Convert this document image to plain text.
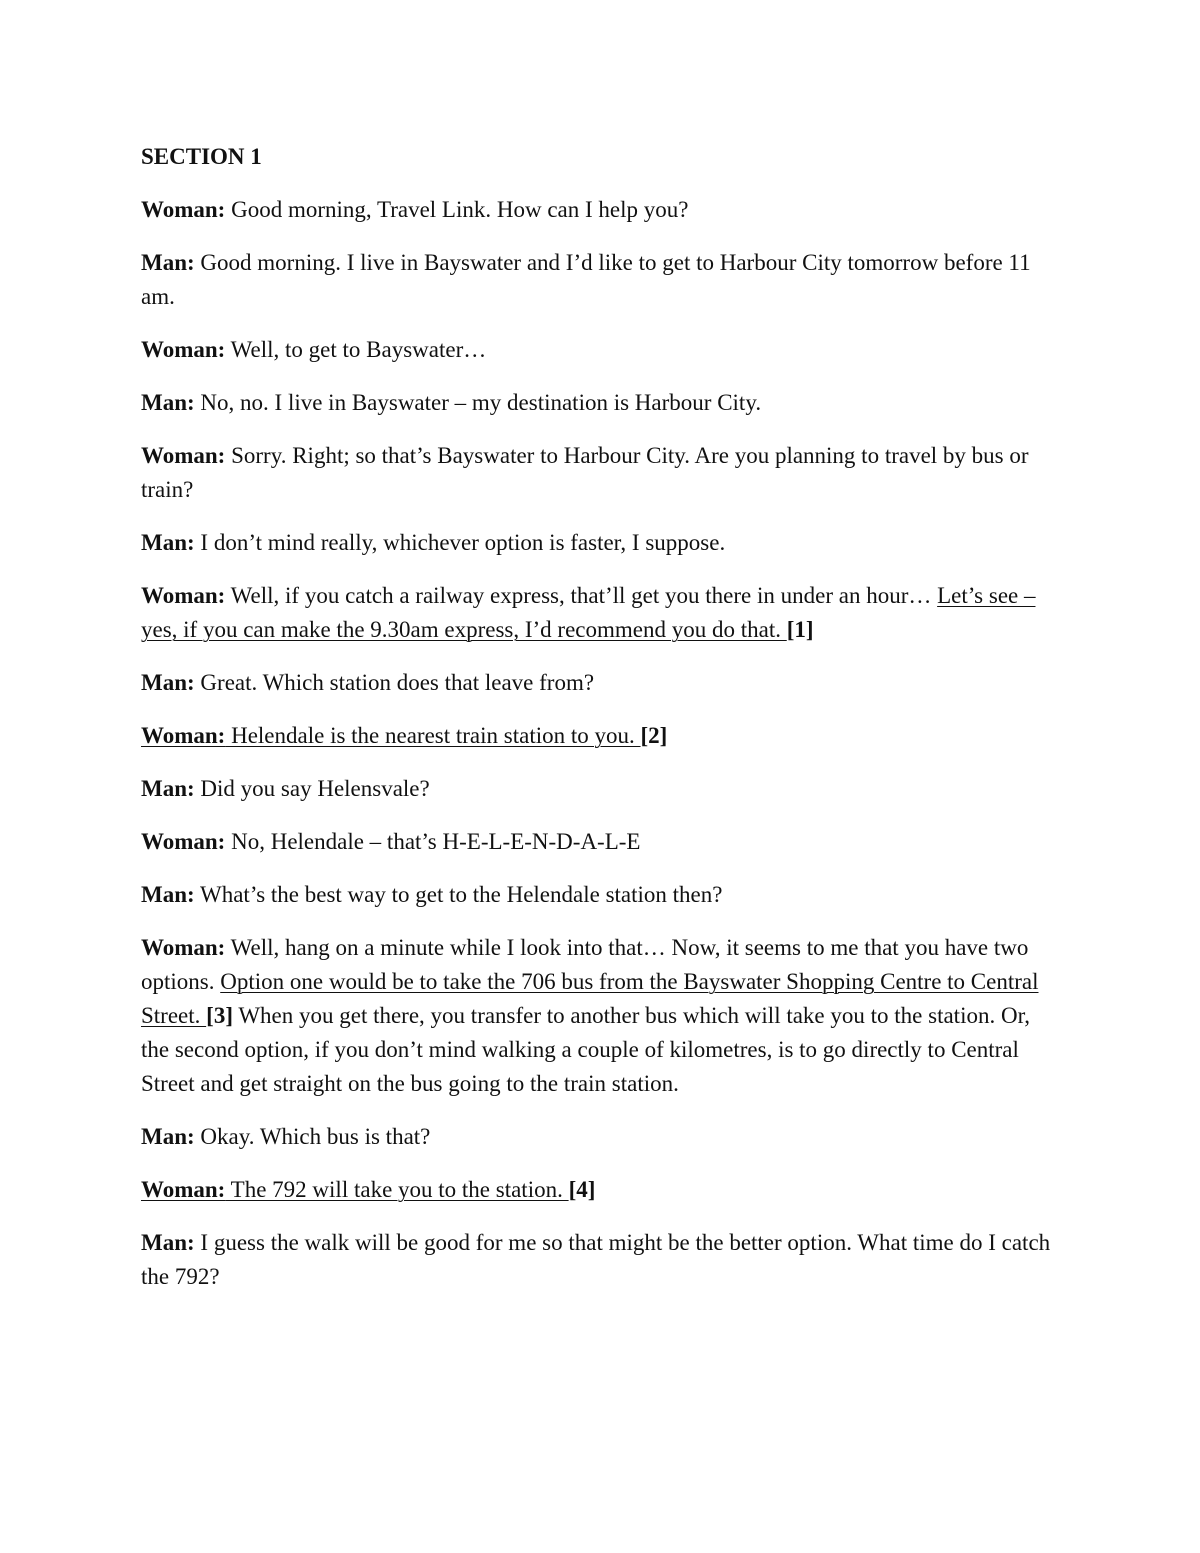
SECTION 1

Woman: Good morning, Travel Link. How can I help you?

Man: Good morning. I live in Bayswater and I’d like to get to Harbour City tomorrow before 11 am.

Woman: Well, to get to Bayswater…

Man: No, no. I live in Bayswater – my destination is Harbour City.

Woman: Sorry. Right; so that’s Bayswater to Harbour City. Are you planning to travel by bus or train?

Man: I don’t mind really, whichever option is faster, I suppose.

Woman: Well, if you catch a railway express, that’ll get you there in under an hour… Let’s see – yes, if you can make the 9.30am express, I’d recommend you do that. [1]

Man: Great. Which station does that leave from?

Woman: Helendale is the nearest train station to you. [2]

Man: Did you say Helensvale?

Woman: No, Helendale – that’s H-E-L-E-N-D-A-L-E

Man: What’s the best way to get to the Helendale station then?

Woman: Well, hang on a minute while I look into that… Now, it seems to me that you have two options. Option one would be to take the 706 bus from the Bayswater Shopping Centre to Central Street. [3] When you get there, you transfer to another bus which will take you to the station. Or, the second option, if you don’t mind walking a couple of kilometres, is to go directly to Central Street and get straight on the bus going to the train station.

Man: Okay. Which bus is that?

Woman: The 792 will take you to the station. [4]

Man: I guess the walk will be good for me so that might be the better option. What time do I catch the 792?
